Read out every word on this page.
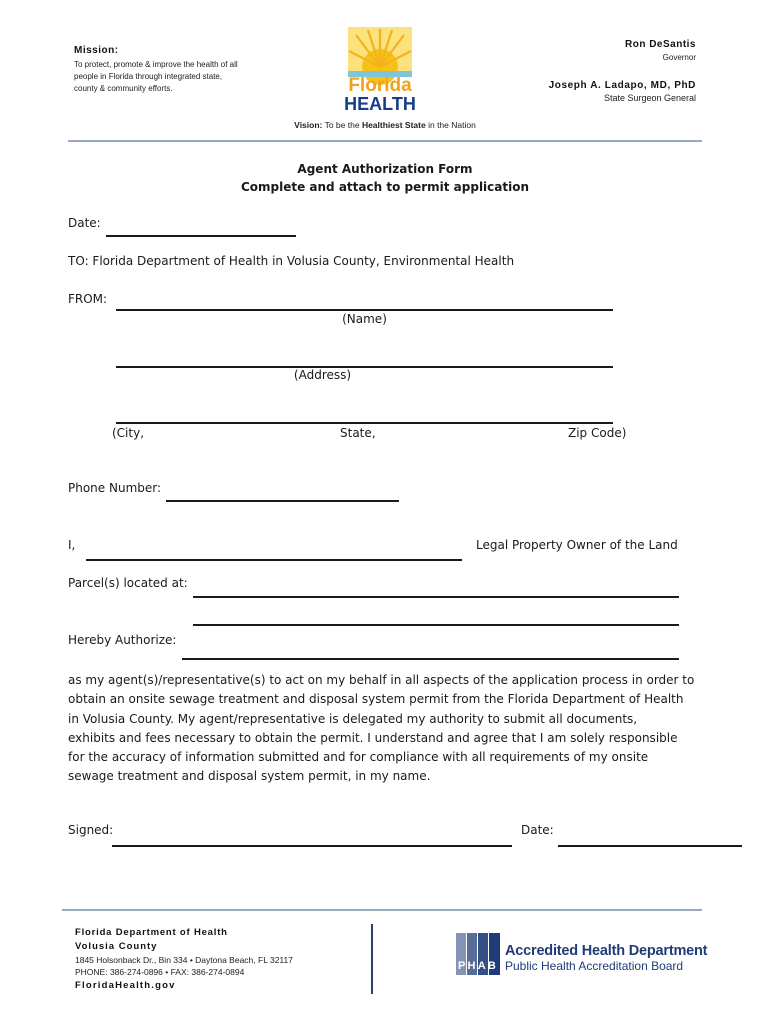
Mission:
To protect, promote & improve the health of all people in Florida through integrated state, county & community efforts.	Florida
HEALTH
Ron DeSantis
Governor
Joseph A. Ladapo, MD, PhD
State Surgeon General
Vision: To be the Healthiest State in the Nation
Agent Authorization Form
Complete and attach to permit application
Date:
TO: Florida Department of Health in Volusia County, Environmental Health
FROM:
(Name)
(Address)
(City,	State,	Zip Code)
Phone Number:
I,	Legal Property Owner of the Land
Parcel(s) located at:
Hereby Authorize:
as my agent(s)/representative(s) to act on my behalf in all aspects of the application process in order to
obtain an onsite sewage treatment and disposal system permit from the Florida Department of Health
in Volusia County. My agent/representative is delegated my authority to submit all documents,
exhibits and fees necessary to obtain the permit. I understand and agree that I am solely responsible
for the accuracy of information submitted and for compliance with all requirements of my onsite
sewage treatment and disposal system permit, in my name.
Signed:	Date:
Florida Department of Health
Volusia County
1845 Holsonback Dr., Bin 334 • Daytona Beach, FL 32117
PHONE: 386-274-0896 • FAX: 386-274-0894
FloridaHealth.gov
PHAB
Accredited Health Department
Public Health Accreditation Board
